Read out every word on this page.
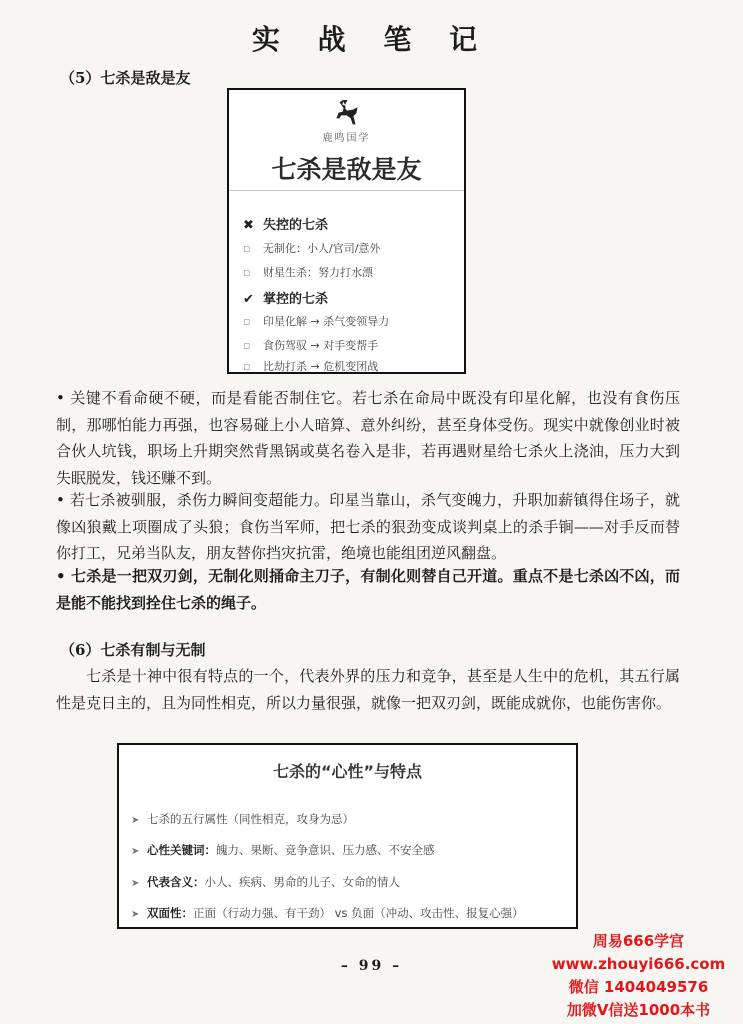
实 战 笔 记
（5）七杀是敌是友
鹿鸣国学
七杀是敌是友
✖ 失控的七杀
▫ 无制化：小人/官司/意外
▫ 财星生杀：努力打水漂
✔ 掌控的七杀
▫ 印星化解 → 杀气变领导力
▫ 食伤驾驭 → 对手变帮手
▫ 比劫打杀 → 危机变团战

• 关键不看命硬不硬，而是看能否制住它。若七杀在命局中既没有印星化解，也没有食伤压制，那哪怕能力再强，也容易碰上小人暗算、意外纠纷，甚至身体受伤。现实中就像创业时被合伙人坑钱，职场上升期突然背黑锅或莫名卷入是非，若再遇财星给七杀火上浇油，压力大到失眠脱发，钱还赚不到。

• 若七杀被驯服，杀伤力瞬间变超能力。印星当靠山，杀气变魄力，升职加薪镇得住场子，就像凶狼戴上项圈成了头狼；食伤当军师，把七杀的狠劲变成谈判桌上的杀手锏——对手反而替你打工，兄弟当队友，朋友替你挡灾抗雷，绝境也能组团逆风翻盘。

• 七杀是一把双刃剑，无制化则捅命主刀子，有制化则替自己开道。重点不是七杀凶不凶，而是能不能找到拴住七杀的绳子。

（6）七杀有制与无制

七杀是十神中很有特点的一个，代表外界的压力和竞争，甚至是人生中的危机，其五行属性是克日主的，且为同性相克，所以力量很强，就像一把双刃剑，既能成就你，也能伤害你。

七杀的“心性”与特点
➤ 七杀的五行属性（同性相克，攻身为忌）
➤ 心性关键词：魄力、果断、竞争意识、压力感、不安全感
➤ 代表含义：小人、疾病、男命的儿子、女命的情人
➤ 双面性：正面（行动力强、有干劲） vs 负面（冲动、攻击性、报复心强）
– 99 –
周易666学宫
www.zhouyi666.com
微信 1404049576
加微V信送1000本书
